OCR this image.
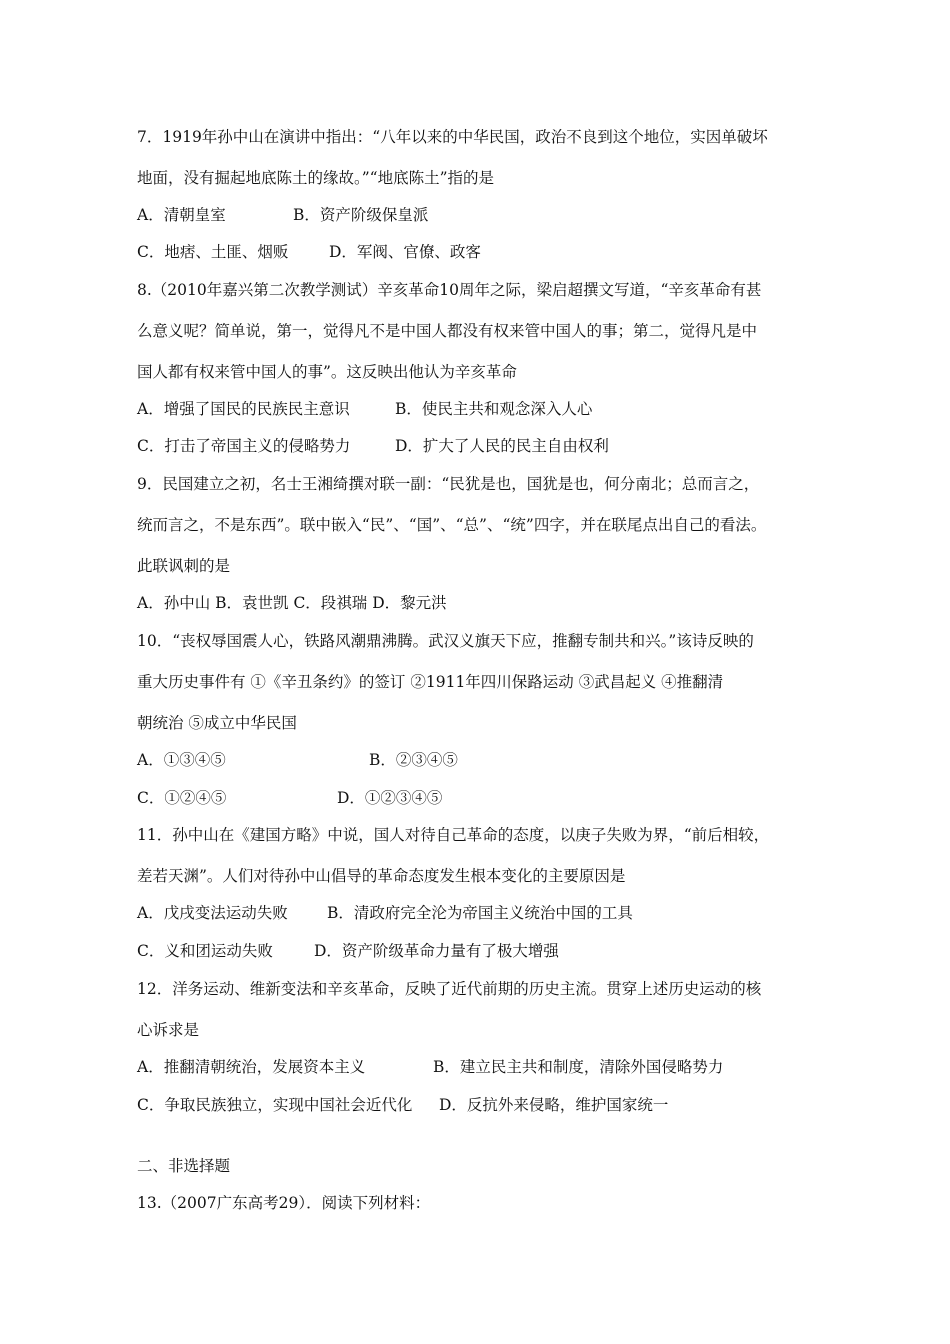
7．1919年孙中山在演讲中指出：“八年以来的中华民国，政治不良到这个地位，实因单破坏
地面，没有掘起地底陈土的缘故。”“地底陈土”指的是
A．清朝皇室	B．资产阶级保皇派
C．地痞、土匪、烟贩	D．军阀、官僚、政客
8.（2010年嘉兴第二次教学测试）辛亥革命10周年之际，梁启超撰文写道，“辛亥革命有甚
么意义呢？简单说，第一，觉得凡不是中国人都没有权来管中国人的事；第二，觉得凡是中
国人都有权来管中国人的事”。这反映出他认为辛亥革命
A．增强了国民的民族民主意识	B．使民主共和观念深入人心
C．打击了帝国主义的侵略势力	D．扩大了人民的民主自由权利
9．民国建立之初，名士王湘绮撰对联一副：“民犹是也，国犹是也，何分南北；总而言之，
统而言之，不是东西”。联中嵌入“民”、“国”、“总”、“统”四字，并在联尾点出自己的看法。
此联讽刺的是
A．孙中山 B．袁世凯 C．段祺瑞 D．黎元洪
10．“丧权辱国震人心，铁路风潮鼎沸腾。武汉义旗天下应，推翻专制共和兴。”该诗反映的
重大历史事件有 ①《辛丑条约》的签订 ②1911年四川保路运动 ③武昌起义 ④推翻清
朝统治 ⑤成立中华民国
A．①③④⑤	B．②③④⑤
C．①②④⑤	D．①②③④⑤
11．孙中山在《建国方略》中说，国人对待自己革命的态度，以庚子失败为界，“前后相较，
差若天渊”。人们对待孙中山倡导的革命态度发生根本变化的主要原因是
A．戊戌变法运动失败	B．清政府完全沦为帝国主义统治中国的工具
C．义和团运动失败	D．资产阶级革命力量有了极大增强
12．洋务运动、维新变法和辛亥革命，反映了近代前期的历史主流。贯穿上述历史运动的核
心诉求是
A．推翻清朝统治，发展资本主义	B．建立民主共和制度，清除外国侵略势力
C．争取民族独立，实现中国社会近代化 D．反抗外来侵略，维护国家统一
二、非选择题
13.（2007广东高考29）．阅读下列材料：
